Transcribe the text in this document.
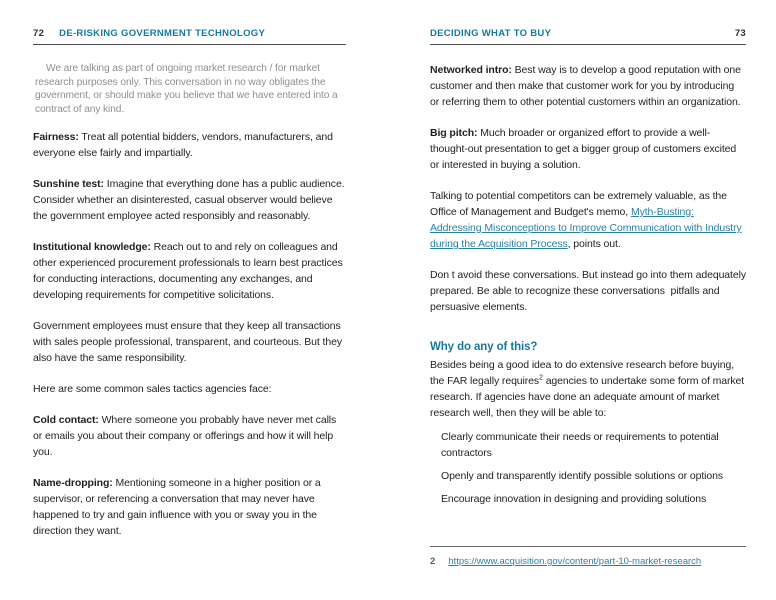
72 DE-RISKING GOVERNMENT TECHNOLOGY

We are talking as part of ongoing market research / for market research purposes only. This conversation in no way obligates the government, or should make you believe that we have entered into a contract of any kind.

Fairness: Treat all potential bidders, vendors, manufacturers, and everyone else fairly and impartially.

Sunshine test: Imagine that everything done has a public audience. Consider whether an disinterested, casual observer would believe the government employee acted responsibly and reasonably.

Institutional knowledge: Reach out to and rely on colleagues and other experienced procurement professionals to learn best practices for conducting interactions, documenting any exchanges, and developing requirements for competitive solicitations.

Government employees must ensure that they keep all transactions with sales people professional, transparent, and courteous. But they also have the same responsibility.

Here are some common sales tactics agencies face:

Cold contact: Where someone you probably have never met calls or emails you about their company or offerings and how it will help you.

Name-dropping: Mentioning someone in a higher position or a supervisor, or referencing a conversation that may never have happened to try and gain influence with you or sway you in the direction they want.

DECIDING WHAT TO BUY	73

Networked intro: Best way is to develop a good reputation with one customer and then make that customer work for you by introducing or referring them to other potential customers within an organization.

Big pitch: Much broader or organized effort to provide a well-thought-out presentation to get a bigger group of customers excited or interested in buying a solution.

Talking to potential competitors can be extremely valuable, as the Office of Management and Budget's memo, Myth-Busting: Addressing Misconceptions to Improve Communication with Industry during the Acquisition Process, points out.

Don t avoid these conversations. But instead go into them adequately prepared. Be able to recognize these conversations  pitfalls and persuasive elements.

Why do any of this?

Besides being a good idea to do extensive research before buying, the FAR legally requires$^2$ agencies to undertake some form of market research. If agencies have done an adequate amount of market research well, then they will be able to:

Clearly communicate their needs or requirements to potential contractors

Openly and transparently identify possible solutions or options

Encourage innovation in designing and providing solutions

2 https://www.acquisition.gov/content/part-10-market-research
